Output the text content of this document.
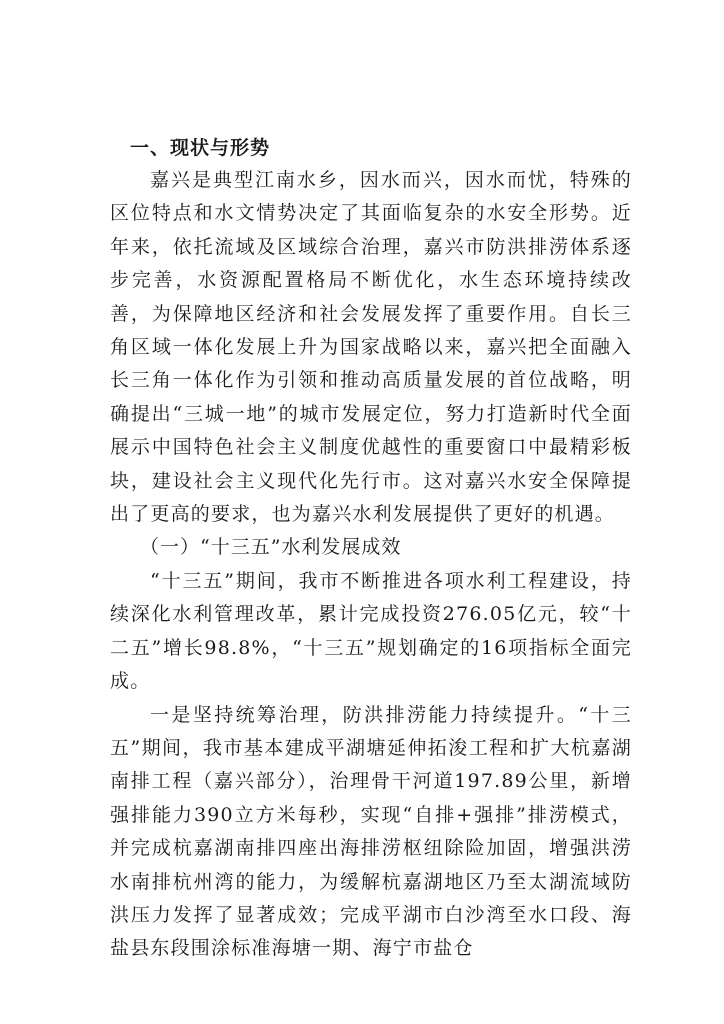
一、现状与形势

嘉兴是典型江南水乡，因水而兴，因水而忧，特殊的区位特点和水文情势决定了其面临复杂的水安全形势。近年来，依托流域及区域综合治理，嘉兴市防洪排涝体系逐步完善，水资源配置格局不断优化，水生态环境持续改善，为保障地区经济和社会发展发挥了重要作用。自长三角区域一体化发展上升为国家战略以来，嘉兴把全面融入长三角一体化作为引领和推动高质量发展的首位战略，明确提出“三城一地”的城市发展定位，努力打造新时代全面展示中国特色社会主义制度优越性的重要窗口中最精彩板块，建设社会主义现代化先行市。这对嘉兴水安全保障提出了更高的要求，也为嘉兴水利发展提供了更好的机遇。

（一）“十三五”水利发展成效

“十三五”期间，我市不断推进各项水利工程建设，持续深化水利管理改革，累计完成投资276.05亿元，较“十二五”增长98.8%，“十三五”规划确定的16项指标全面完成。

一是坚持统筹治理，防洪排涝能力持续提升。“十三五”期间，我市基本建成平湖塘延伸拓浚工程和扩大杭嘉湖南排工程（嘉兴部分），治理骨干河道197.89公里，新增强排能力390立方米每秒，实现“自排+强排”排涝模式，并完成杭嘉湖南排四座出海排涝枢纽除险加固，增强洪涝水南排杭州湾的能力，为缓解杭嘉湖地区乃至太湖流域防洪压力发挥了显著成效；完成平湖市白沙湾至水口段、海盐县东段围涂标准海塘一期、海宁市盐仓
